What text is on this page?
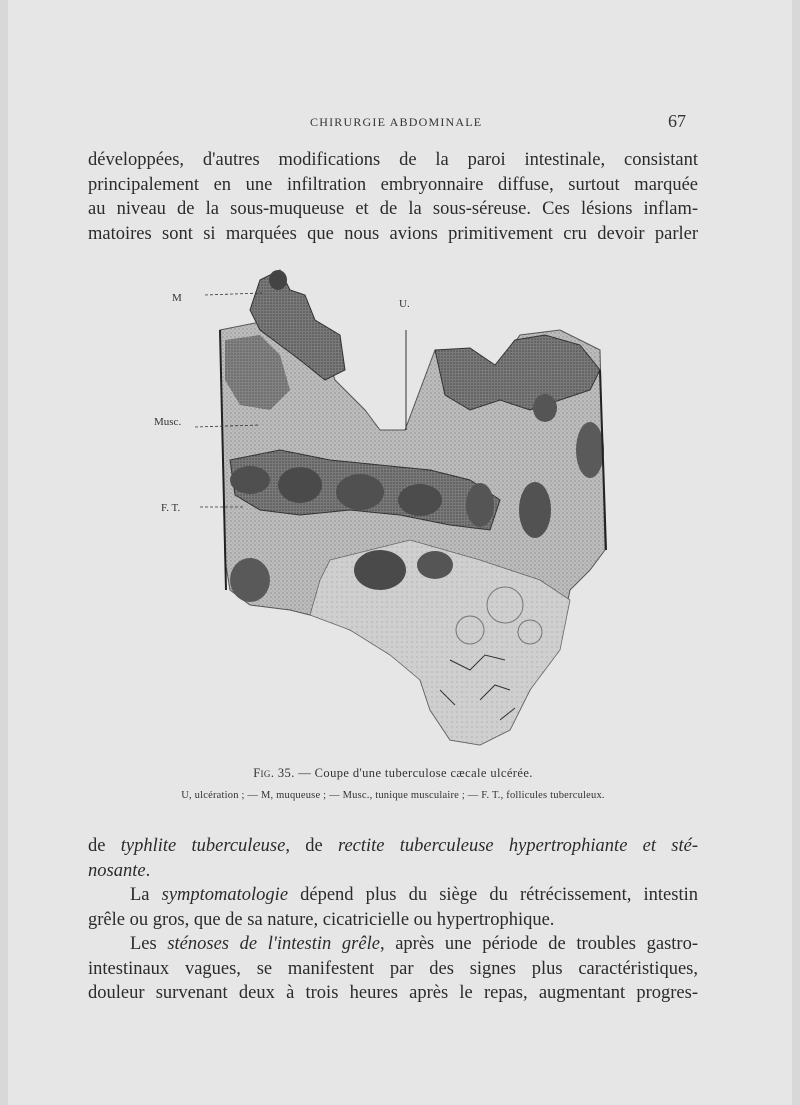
CHIRURGIE ABDOMINALE	67
développées, d'autres modifications de la paroi intestinale, consistant
principalement en une infiltration embryonnaire diffuse, surtout marquée
au niveau de la sous-muqueuse et de la sous-séreuse. Ces lésions inflam-
matoires sont si marquées que nous avions primitivement cru devoir parler
M	U.
Musc.
F. T.
Fig. 35. — Coupe d'une tuberculose cæcale ulcérée.
U, ulcération ; — M, muqueuse ; — Musc., tunique musculaire ; — F. T., follicules tuberculeux.
de typhlite tuberculeuse, de rectite tuberculeuse hypertrophiante et sté-
nosante.
La symptomatologie dépend plus du siège du rétrécissement, intestin
grêle ou gros, que de sa nature, cicatricielle ou hypertrophique.
Les sténoses de l'intestin grêle, après une période de troubles gastro-
intestinaux vagues, se manifestent par des signes plus caractéristiques,
douleur survenant deux à trois heures après le repas, augmentant progres-
